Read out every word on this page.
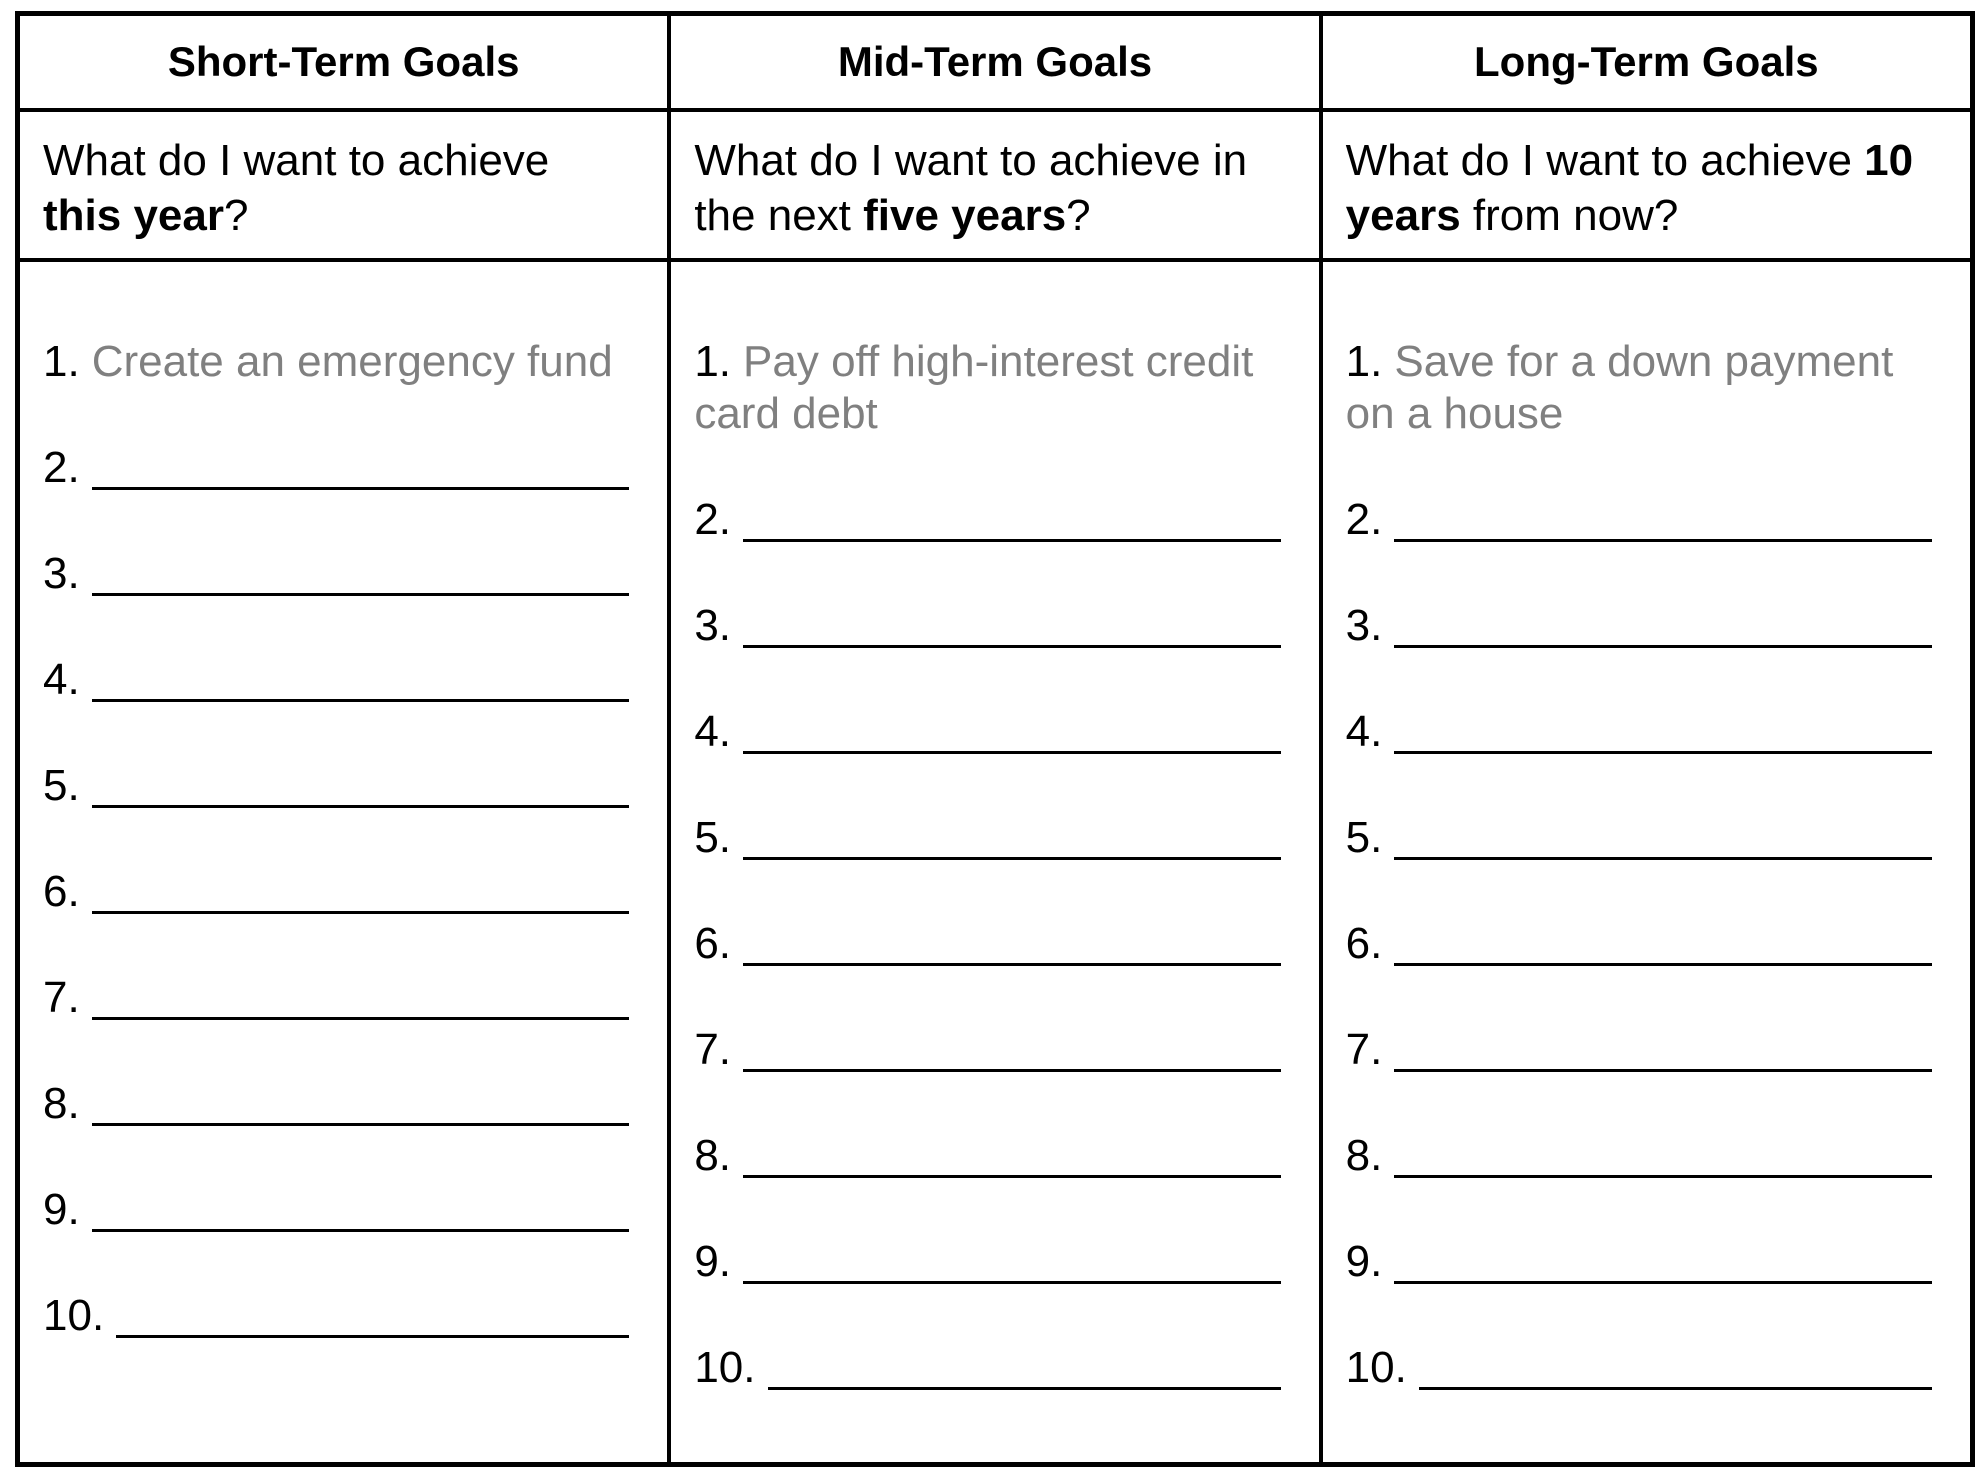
Short-Term Goals
What do I want to achieve this year?
1. Create an emergency fund
2.
3.
4.
5.
6.
7.
8.
9.
10.
Mid-Term Goals
What do I want to achieve in the next five years?
1. Pay off high-interest credit card debt
2.
3.
4.
5.
6.
7.
8.
9.
10.
Long-Term Goals
What do I want to achieve 10 years from now?
1. Save for a down payment on a house
2.
3.
4.
5.
6.
7.
8.
9.
10.
